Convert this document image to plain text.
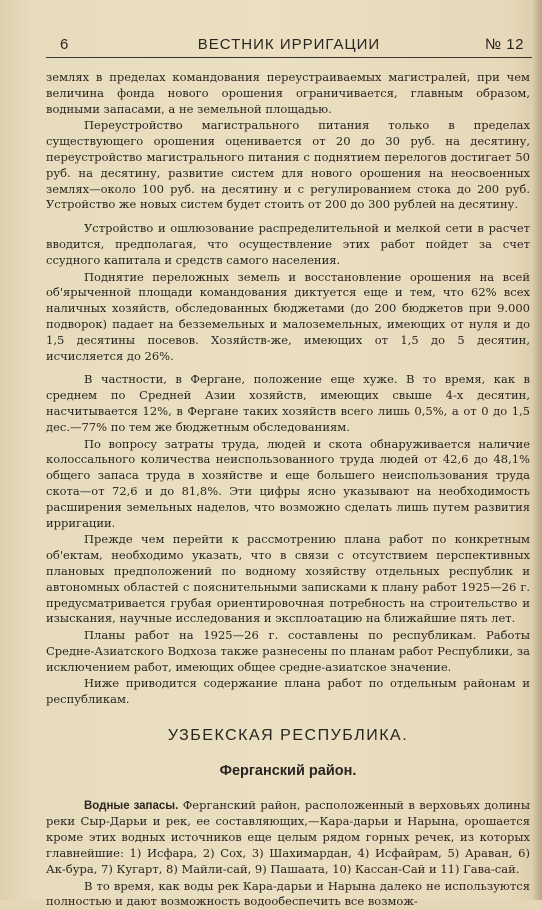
6	ВЕСТНИК ИРРИГАЦИИ	№ 12

землях в пределах командования переустраиваемых магистралей, при чем величина фонда нового орошения ограничивается, главным образом, водными запасами, а не земельной площадью.

Переустройство магистрального питания только в пределах существующего орошения оценивается от 20 до 30 руб. на десятину, переустройство магистрального питания с поднятием перелогов достигает 50 руб. на десятину, развитие систем для нового орошения на неосвоенных землях—около 100 руб. на десятину и с регулированием стока до 200 руб. Устройство же новых систем будет стоить от 200 до 300 рублей на десятину.

Устройство и ошлюзование распределительной и мелкой сети в расчет вводится, предполагая, что осуществление этих работ пойдет за счет ссудного капитала и средств самого населения.

Поднятие переложных земель и восстановление орошения на всей об'ярыченной площади командования диктуется еще и тем, что 62% всех наличных хозяйств, обследованных бюджетами (до 200 бюджетов при 9.000 подворок) падает на безземельных и малоземельных, имеющих от нуля и до 1,5 десятины посевов. Хозяйств-же, имеющих от 1,5 до 5 десятин, исчисляется до 26%.

В частности, в Фергане, положение еще хуже. В то время, как в среднем по Средней Азии хозяйств, имеющих свыше 4-х десятин, насчитывается 12%, в Фергане таких хозяйств всего лишь 0,5%, а от 0 до 1,5 дес.—77% по тем же бюджетным обследованиям.

По вопросу затраты труда, людей и скота обнаруживается наличие колоссального количества неиспользованного труда людей от 42,6 до 48,1% общего запаса труда в хозяйстве и еще большего неиспользования труда скота—от 72,6 и до 81,8%. Эти цифры ясно указывают на необходимость расширения земельных наделов, что возможно сделать лишь путем развития ирригации.

Прежде чем перейти к рассмотрению плана работ по конкретным об'ектам, необходимо указать, что в связи с отсутствием перспективных плановых предположений по водному хозяйству отдельных республик и автономных областей с пояснительными записками к плану работ 1925—26 г. предусматривается грубая ориентировочная потребность на строительство и изыскания, научные исследования и эксплоатацию на ближайшие пять лет.

Планы работ на 1925—26 г. составлены по республикам. Работы Средне-Азиатского Водхоза также разнесены по планам работ Республики, за исключением работ, имеющих общее средне-азиатское значение.

Ниже приводится содержание плана работ по отдельным районам и республикам.

УЗБЕКСКАЯ РЕСПУБЛИКА.
Ферганский район.

Водные запасы. Ферганский район, расположенный в верховьях долины реки Сыр-Дарьи и рек, ее составляющих,—Кара-дарьи и Нарына, орошается кроме этих водных источников еще целым рядом горных речек, из которых главнейшие: 1) Исфара, 2) Сох, 3) Шахимардан, 4) Исфайрам, 5) Араван, 6) Ак-бура, 7) Кугарт, 8) Майли-сай, 9) Пашаата, 10) Кассан-Сай и 11) Гава-сай.

В то время, как воды рек Кара-дарьи и Нарына далеко не используются полностью и дают возможность водообеспечить все возмож-
